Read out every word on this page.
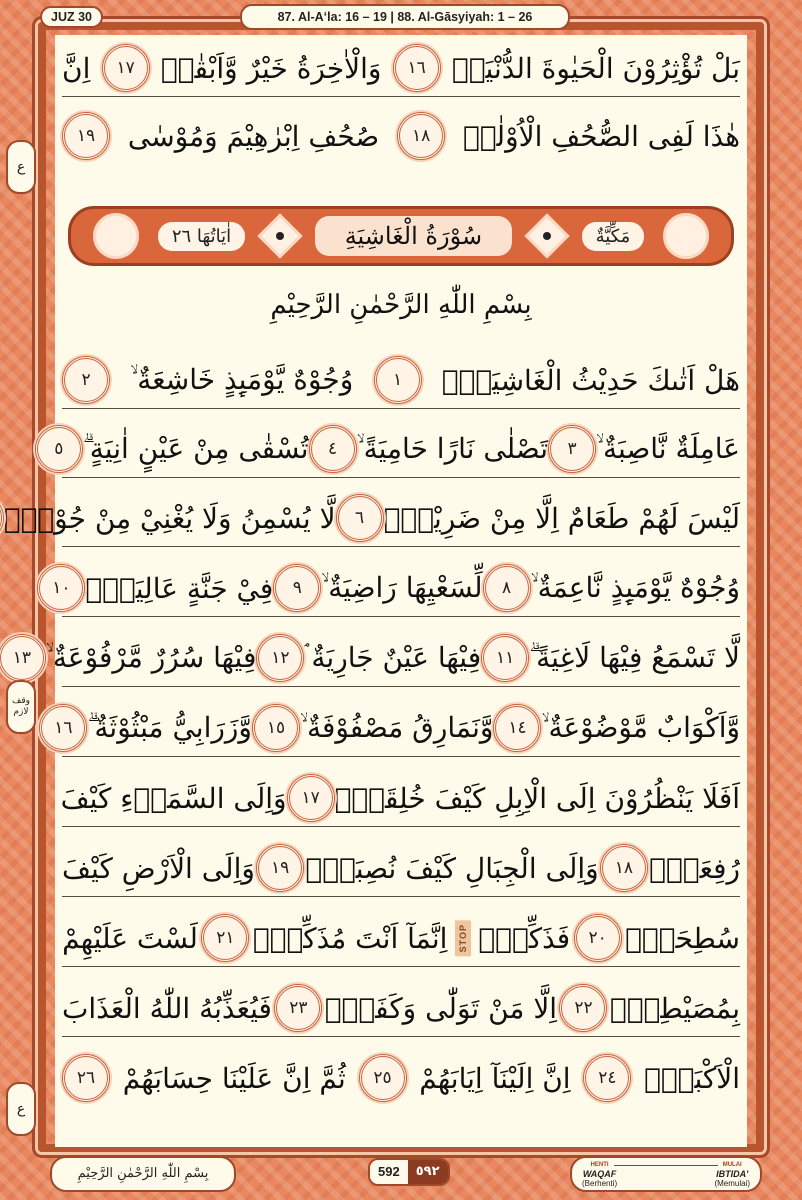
JUZ 30	87. Al-Aʻla: 16 – 19 | 88. Al-Gāsyiyah: 1 – 26
بَلْ تُؤْثِرُوْنَ الْحَيٰوةَ الدُّنْيَاۖ
١٦
وَالْاٰخِرَةُ خَيْرٌ وَّاَبْقٰىۗ
١٧
اِنَّ
هٰذَا لَفِى الصُّحُفِ الْاُوْلٰىۙ
١٨
صُحُفِ اِبْرٰهِيْمَ وَمُوْسٰى
١٩
مَكِّيَّةٌ
سُوْرَةُ الْغَاشِيَةِ
اٰيَاتُهَا ٢٦
بِسْمِ اللّٰهِ الرَّحْمٰنِ الرَّحِيْمِ
هَلْ اَتٰىكَ حَدِيْثُ الْغَاشِيَةِۗ
١
وُجُوْهٌ يَّوْمَىِٕذٍ خَاشِعَةٌ ۙ
٢
عَامِلَةٌ نَّاصِبَةٌ ۙ
٣
تَصْلٰى نَارًا حَامِيَةً ۙ
٤
تُسْقٰى مِنْ عَيْنٍ اٰنِيَةٍ ۗ
٥
لَيْسَ لَهُمْ طَعَامٌ اِلَّا مِنْ ضَرِيْعٍۙ
٦
لَّا يُسْمِنُ وَلَا يُغْنِيْ مِنْ جُوْعٍۗ
وُجُوْهٌ يَّوْمَىِٕذٍ نَّاعِمَةٌ ۙ
٨
لِّسَعْيِهَا رَاضِيَةٌ ۙ
٩
فِيْ جَنَّةٍ عَالِيَةٍۙ
١٠
لَّا تَسْمَعُ فِيْهَا لَاغِيَةً ۗ
١١
فِيْهَا عَيْنٌ جَارِيَةٌ ۘ
١٢
فِيْهَا سُرُرٌ مَّرْفُوْعَةٌ ۙ
١٣
وَّاَكْوَابٌ مَّوْضُوْعَةٌ ۙ
١٤
وَّنَمَارِقُ مَصْفُوْفَةٌ ۙ
١٥
وَّزَرَابِيُّ مَبْثُوْثَةٌ ۗ
١٦
اَفَلَا يَنْظُرُوْنَ اِلَى الْاِبِلِ كَيْفَ خُلِقَتْۗ
١٧
وَاِلَى السَّمَاۤءِ كَيْفَ
رُفِعَتْۗ
١٨
وَاِلَى الْجِبَالِ كَيْفَ نُصِبَتْۗ
١٩
وَاِلَى الْاَرْضِ كَيْفَ
سُطِحَتْۗ
٢٠
فَذَكِّرْۗ
STOP
اِنَّمَآ اَنْتَ مُذَكِّرٌۙ
٢١
لَسْتَ عَلَيْهِمْ
بِمُصَيْطِرٍۙ
٢٢
اِلَّا مَنْ تَوَلّٰى وَكَفَرَۙ
٢٣
فَيُعَذِّبُهُ اللّٰهُ الْعَذَابَ
الْاَكْبَرَۗ
٢٤
اِنَّ اِلَيْنَآ اِيَابَهُمْ
٢٥
ثُمَّ اِنَّ عَلَيْنَا حِسَابَهُمْ
٢٦
ع
وقف لازم
ع
بِسْمِ اللّٰهِ الرَّحْمٰنِ الرَّحِيْمِ	592	٥٩٢	HENTI
WAQAF
(Berhenti)
MULAI
IBTIDA'
(Memulai)
